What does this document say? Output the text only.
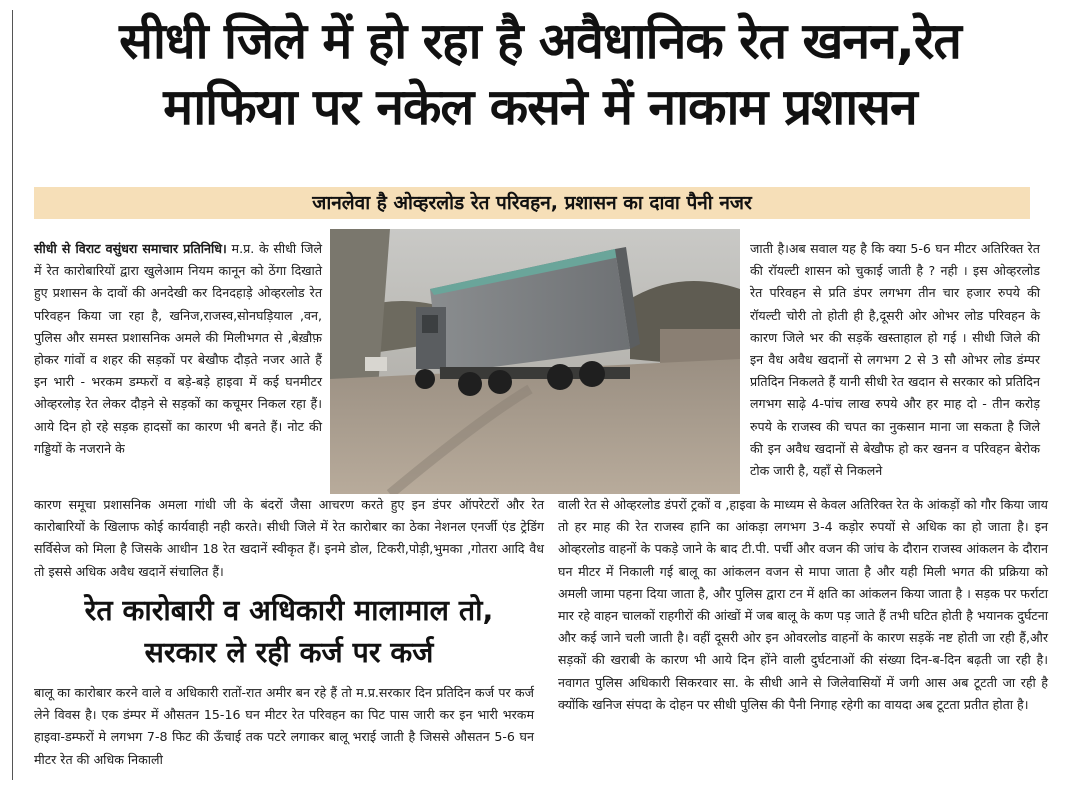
सीधी जिले में हो रहा है अवैधानिक रेत खनन,रेत
माफिया पर नकेल कसने में नाकाम प्रशासन
जानलेवा है ओव्हरलोड रेत परिवहन, प्रशासन का दावा पैनी नजर
सीधी से विराट वसुंधरा समाचार प्रतिनिधि। म.प्र. के सीधी जिले में रेत कारोबारियों द्वारा खुलेआम नियम कानून को ठेंगा दिखाते हुए प्रशासन के दावों की अनदेखी कर दिनदहाड़े ओव्हरलोड रेत परिवहन किया जा रहा है, खनिज,राजस्व,सोनघड़ियाल ,वन, पुलिस और समस्त प्रशासनिक अमले की मिलीभगत से ,बेख़ौफ़ होकर गांवों व शहर की सड़कों पर बेखौफ दौड़ते नजर आते हैं इन भारी - भरकम डम्फरों व बड़े-बड़े हाइवा में कई घनमीटर ओव्हरलोड़ रेत लेकर दौड़ने से सड़कों का कचूमर निकल रहा हैं। आये दिन हो रहे सड़क हादसों का कारण भी बनते हैं। नोट की गड्डियों के नजराने के
जाती है।अब सवाल यह है कि क्या 5-6 घन मीटर अतिरिक्त रेत की रॉयल्टी शासन को चुकाई जाती है ? नही । इस ओव्हरलोड रेत परिवहन से प्रति डंपर लगभग तीन चार हजार रुपये की रॉयल्टी चोरी तो होती ही है,दूसरी ओर ओभर लोड परिवहन के कारण जिले भर की सड़कें खस्ताहाल हो गई । सीधी जिले की इन वैध अवैध खदानों से लगभग 2 से 3 सौ ओभर लोड डंम्पर प्रतिदिन निकलते हैं यानी सीधी रेत खदान से सरकार को प्रतिदिन लगभग साढ़े 4-पांच लाख रुपये और हर माह दो - तीन करोड़ रुपये के राजस्व की चपत का नुकसान माना जा सकता है जिले की इन अवैध खदानों से बेखौफ हो कर खनन व परिवहन बेरोक टोक जारी है, यहाँ से निकलने
कारण समूचा प्रशासनिक अमला गांधी जी के बंदरों जैसा आचरण करते हुए इन डंपर ऑपरेटरों और रेत कारोबारियों के खिलाफ कोई कार्यवाही नही करते। सीधी जिले में रेत कारोबार का ठेका नेशनल एनर्जी एंड ट्रेडिंग सर्विसेज को मिला है जिसके आधीन 18 रेत खदानें स्वीकृत हैं। इनमे डोल, टिकरी,पोड़ी,भुमका ,गोतरा आदि वैध तो इससे अधिक अवैध खदानें संचालित हैं।
वाली रेत से ओव्हरलोड डंपरों ट्रकों व ,हाइवा के माध्यम से केवल अतिरिक्त रेत के आंकड़ों को गौर किया जाय तो हर माह की रेत राजस्व हानि का आंकड़ा लगभग 3-4 कड़ोर रुपयों से अधिक का हो जाता है। इन ओव्हरलोड वाहनों के पकड़े जाने के बाद टी.पी. पर्ची और वजन की जांच के दौरान राजस्व आंकलन के दौरान घन मीटर में निकाली गई बालू का आंकलन वजन से मापा जाता है और यही मिली भगत की प्रक्रिया को अमली जामा पहना दिया जाता है, और पुलिस द्वारा टन में क्षति का आंकलन किया जाता है । सड़क पर फर्राटा मार रहे वाहन चालकों राहगीरों की आंखों में जब बालू के कण पड़ जाते हैं तभी घटित होती है भयानक दुर्घटना और कई जाने चली जाती है। वहीं दूसरी ओर इन ओवरलोड वाहनों के कारण सड़कें नष्ट होती जा रही हैं,और सड़कों की खराबी के कारण भी आये दिन होंने वाली दुर्घटनाओं की संख्या दिन-ब-दिन बढ़ती जा रही है। नवागत पुलिस अधिकारी सिकरवार सा. के सीधी आने से जिलेवासियों में जगी आस अब टूटती जा रही है क्योंकि खनिज संपदा के दोहन पर सीधी पुलिस की पैनी निगाह रहेगी का वायदा अब टूटता प्रतीत होता है।
रेत कारोबारी व अधिकारी मालामाल तो,
सरकार ले रही कर्ज पर कर्ज
बालू का कारोबार करने वाले व अधिकारी रातों-रात अमीर बन रहे हैं तो म.प्र.सरकार दिन प्रतिदिन कर्ज पर कर्ज लेने विवस है। एक डंम्पर में औसतन 15-16 घन मीटर रेत परिवहन का पिट पास जारी कर इन भारी भरकम हाइवा-डम्फरों मे लगभग 7-8 फिट की ऊँचाई तक पटरे लगाकर बालू भराई जाती है जिससे औसतन 5-6 घन मीटर रेत की अधिक निकाली
